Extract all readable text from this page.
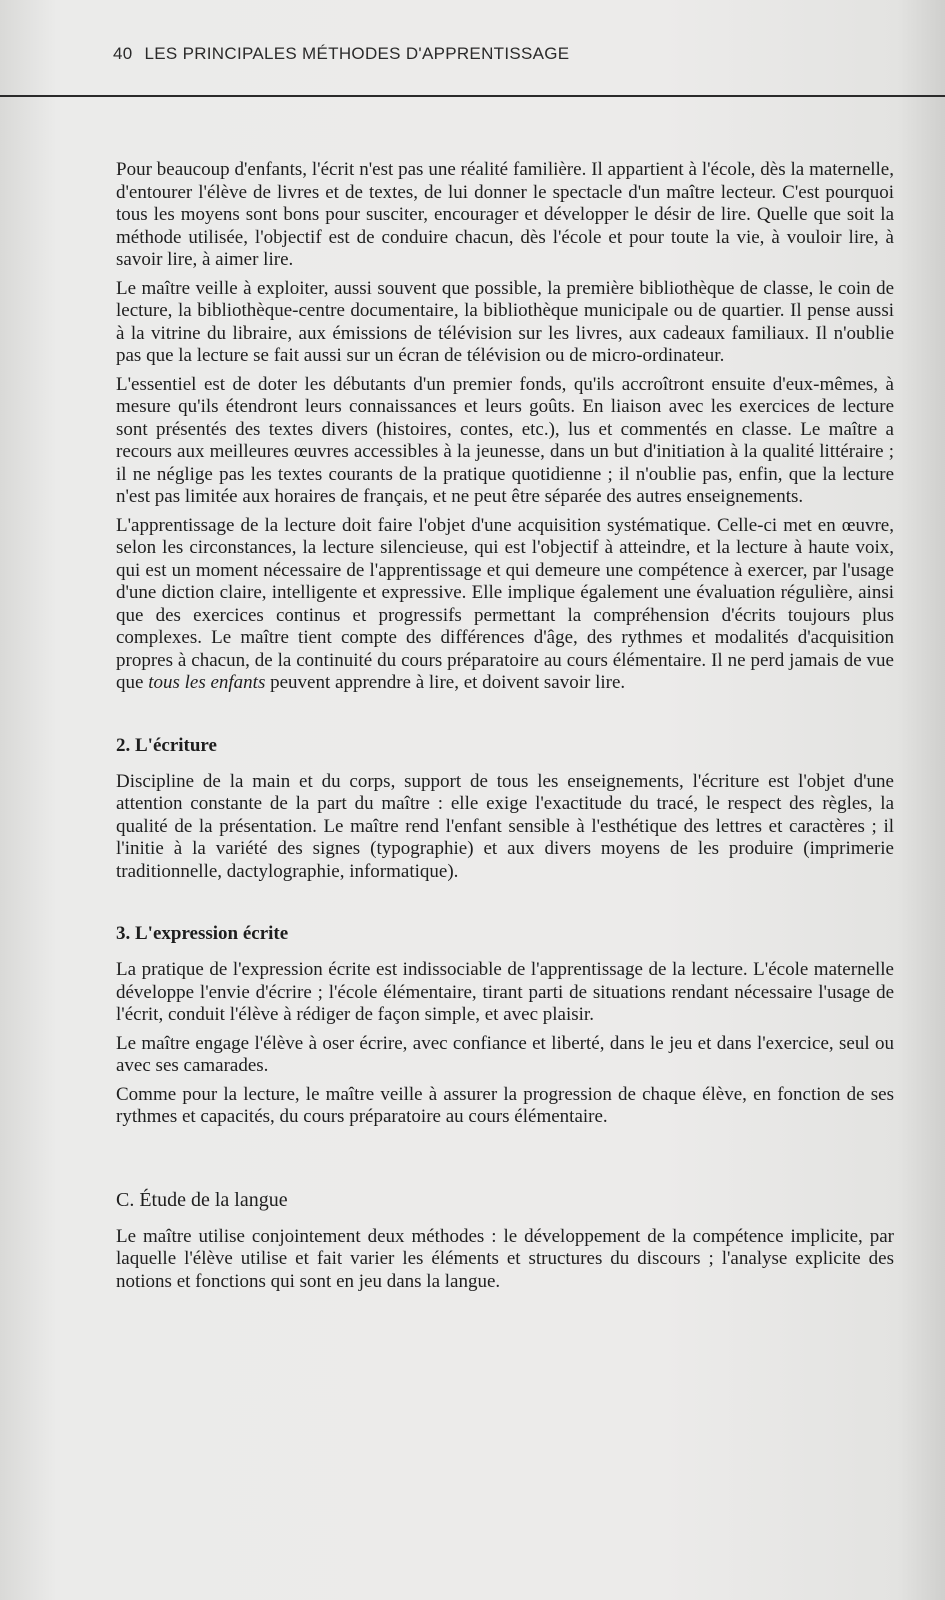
40 LES PRINCIPALES MÉTHODES D'APPRENTISSAGE

Pour beaucoup d'enfants, l'écrit n'est pas une réalité familière. Il appartient à l'école, dès la maternelle, d'entourer l'élève de livres et de textes, de lui donner le spectacle d'un maître lecteur. C'est pourquoi tous les moyens sont bons pour susciter, encourager et développer le désir de lire. Quelle que soit la méthode utilisée, l'objectif est de conduire chacun, dès l'école et pour toute la vie, à vouloir lire, à savoir lire, à aimer lire.

Le maître veille à exploiter, aussi souvent que possible, la première bibliothèque de classe, le coin de lecture, la bibliothèque-centre documentaire, la bibliothèque municipale ou de quartier. Il pense aussi à la vitrine du libraire, aux émissions de télévision sur les livres, aux cadeaux familiaux. Il n'oublie pas que la lecture se fait aussi sur un écran de télévision ou de micro-ordinateur.

L'essentiel est de doter les débutants d'un premier fonds, qu'ils accroîtront ensuite d'eux-mêmes, à mesure qu'ils étendront leurs connaissances et leurs goûts. En liaison avec les exercices de lecture sont présentés des textes divers (histoires, contes, etc.), lus et commentés en classe. Le maître a recours aux meilleures œuvres accessibles à la jeunesse, dans un but d'initiation à la qualité littéraire ; il ne néglige pas les textes courants de la pratique quotidienne ; il n'oublie pas, enfin, que la lecture n'est pas limitée aux horaires de français, et ne peut être séparée des autres enseignements.

L'apprentissage de la lecture doit faire l'objet d'une acquisition systématique. Celle-ci met en œuvre, selon les circonstances, la lecture silencieuse, qui est l'objectif à atteindre, et la lecture à haute voix, qui est un moment nécessaire de l'apprentissage et qui demeure une compétence à exercer, par l'usage d'une diction claire, intelligente et expressive. Elle implique également une évaluation régulière, ainsi que des exercices continus et progressifs permettant la compréhension d'écrits toujours plus complexes. Le maître tient compte des différences d'âge, des rythmes et modalités d'acquisition propres à chacun, de la continuité du cours préparatoire au cours élémentaire. Il ne perd jamais de vue que tous les enfants peuvent apprendre à lire, et doivent savoir lire.

2. L'écriture

Discipline de la main et du corps, support de tous les enseignements, l'écriture est l'objet d'une attention constante de la part du maître : elle exige l'exactitude du tracé, le respect des règles, la qualité de la présentation. Le maître rend l'enfant sensible à l'esthétique des lettres et caractères ; il l'initie à la variété des signes (typographie) et aux divers moyens de les produire (imprimerie traditionnelle, dactylographie, informatique).

3. L'expression écrite

La pratique de l'expression écrite est indissociable de l'apprentissage de la lecture. L'école maternelle développe l'envie d'écrire ; l'école élémentaire, tirant parti de situations rendant nécessaire l'usage de l'écrit, conduit l'élève à rédiger de façon simple, et avec plaisir.

Le maître engage l'élève à oser écrire, avec confiance et liberté, dans le jeu et dans l'exercice, seul ou avec ses camarades.

Comme pour la lecture, le maître veille à assurer la progression de chaque élève, en fonction de ses rythmes et capacités, du cours préparatoire au cours élémentaire.

C. Étude de la langue

Le maître utilise conjointement deux méthodes : le développement de la compétence implicite, par laquelle l'élève utilise et fait varier les éléments et structures du discours ; l'analyse explicite des notions et fonctions qui sont en jeu dans la langue.
